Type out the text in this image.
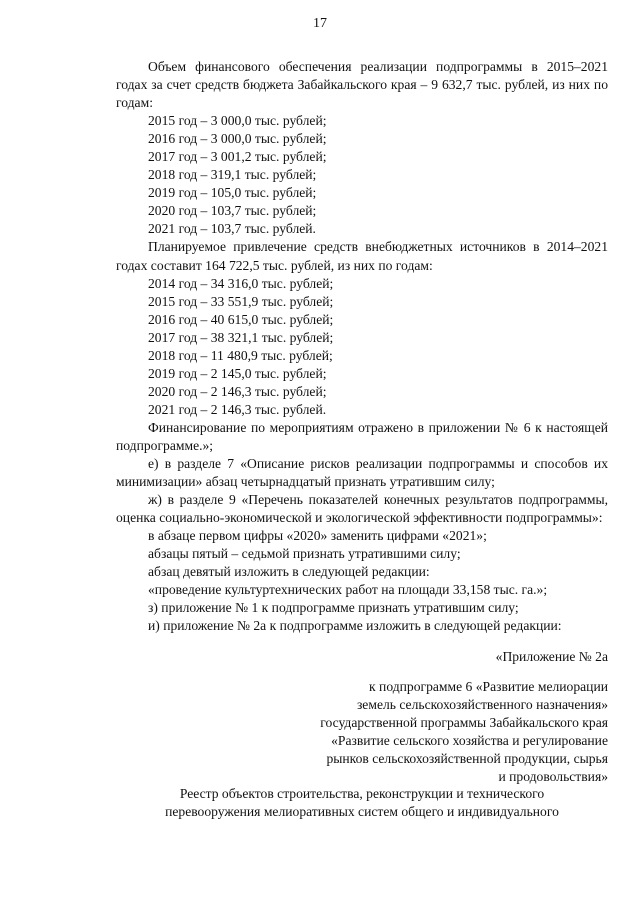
17

Объем финансового обеспечения реализации подпрограммы в 2015–2021 годах за счет средств бюджета Забайкальского края – 9 632,7 тыс. рублей, из них по годам:

2015 год – 3 000,0 тыс. рублей;

2016 год – 3 000,0 тыс. рублей;

2017 год – 3 001,2 тыс. рублей;

2018 год – 319,1 тыс. рублей;

2019 год – 105,0 тыс. рублей;

2020 год – 103,7 тыс. рублей;

2021 год – 103,7 тыс. рублей.

Планируемое привлечение средств внебюджетных источников в 2014–2021 годах составит 164 722,5 тыс. рублей, из них по годам:

2014 год – 34 316,0 тыс. рублей;

2015 год – 33 551,9 тыс. рублей;

2016 год – 40 615,0 тыс. рублей;

2017 год – 38 321,1 тыс. рублей;

2018 год – 11 480,9 тыс. рублей;

2019 год – 2 145,0 тыс. рублей;

2020 год – 2 146,3 тыс. рублей;

2021 год – 2 146,3 тыс. рублей.

Финансирование по мероприятиям отражено в приложении № 6 к настоящей подпрограмме.»;

е) в разделе 7 «Описание рисков реализации подпрограммы и способов их минимизации» абзац четырнадцатый признать утратившим силу;

ж) в разделе 9 «Перечень показателей конечных результатов подпрограммы, оценка социально-экономической и экологической эффективности подпрограммы»:

в абзаце первом цифры «2020» заменить цифрами «2021»;

абзацы пятый – седьмой признать утратившими силу;

абзац девятый изложить в следующей редакции:

«проведение культуртехнических работ на площади 33,158 тыс. га.»;

з) приложение № 1 к подпрограмме признать утратившим силу;

и) приложение № 2а к подпрограмме изложить в следующей редакции:

«Приложение № 2а

к подпрограмме 6 «Развитие мелиорации

земель сельскохозяйственного назначения»

государственной программы Забайкальского края

«Развитие сельского хозяйства и регулирование

рынков сельскохозяйственной продукции, сырья

и продовольствия»

Реестр объектов строительства, реконструкции и технического
перевооружения мелиоративных систем общего и индивидуального
